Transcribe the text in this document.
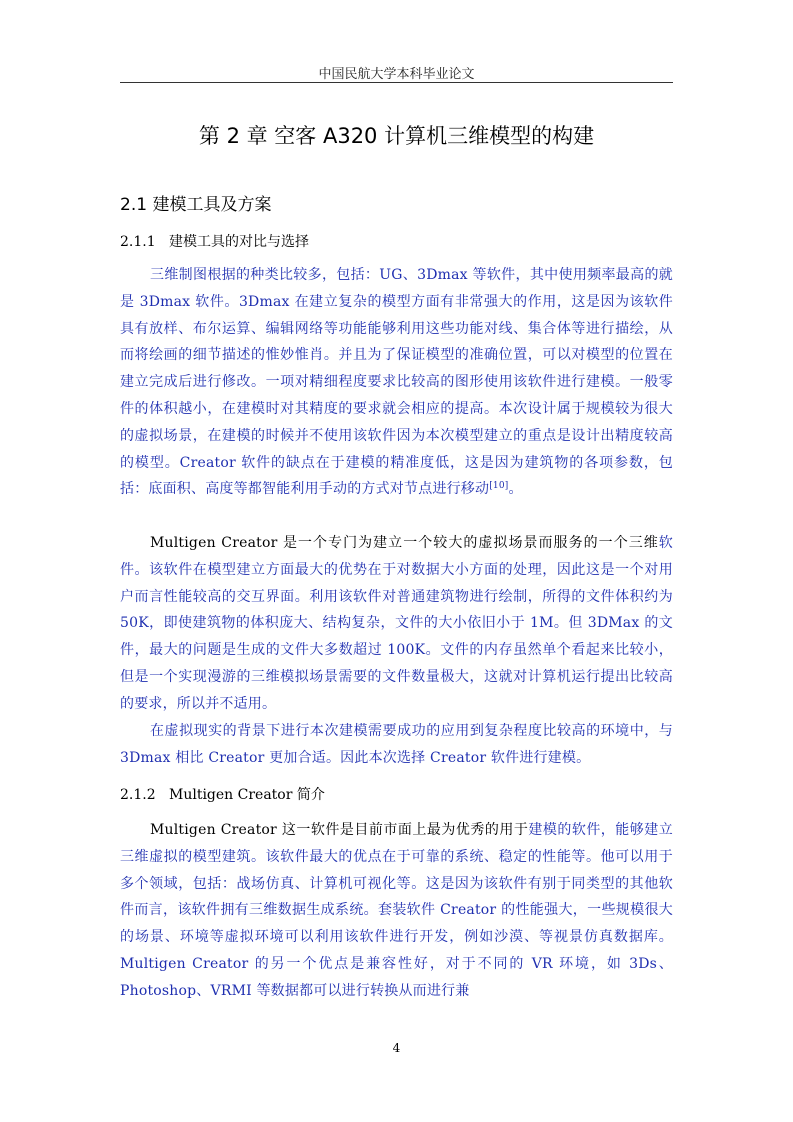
中国民航大学本科毕业论文
第 2 章 空客 A320 计算机三维模型的构建
2.1 建模工具及方案
2.1.1 建模工具的对比与选择
三维制图根据的种类比较多，包括：UG、3Dmax 等软件，其中使用频率最高的就是 3Dmax 软件。3Dmax 在建立复杂的模型方面有非常强大的作用，这是因为该软件具有放样、布尔运算、编辑网络等功能能够利用这些功能对线、集合体等进行描绘，从而将绘画的细节描述的惟妙惟肖。并且为了保证模型的准确位置，可以对模型的位置在建立完成后进行修改。一项对精细程度要求比较高的图形使用该软件进行建模。一般零件的体积越小，在建模时对其精度的要求就会相应的提高。本次设计属于规模较为很大的虚拟场景，在建模的时候并不使用该软件因为本次模型建立的重点是设计出精度较高的模型。Creator 软件的缺点在于建模的精准度低，这是因为建筑物的各项参数，包括：底面积、高度等都智能利用手动的方式对节点进行移动[10]。
Multigen Creator 是一个专门为建立一个较大的虚拟场景而服务的一个三维软件。该软件在模型建立方面最大的优势在于对数据大小方面的处理，因此这是一个对用户而言性能较高的交互界面。利用该软件对普通建筑物进行绘制，所得的文件体积约为 50K，即使建筑物的体积庞大、结构复杂，文件的大小依旧小于 1M。但 3DMax 的文件，最大的问题是生成的文件大多数超过 100K。文件的内存虽然单个看起来比较小，但是一个实现漫游的三维模拟场景需要的文件数量极大，这就对计算机运行提出比较高的要求，所以并不适用。
在虚拟现实的背景下进行本次建模需要成功的应用到复杂程度比较高的环境中，与 3Dmax 相比 Creator 更加合适。因此本次选择 Creator 软件进行建模。
2.1.2 Multigen Creator 简介
Multigen Creator 这一软件是目前市面上最为优秀的用于建模的软件，能够建立三维虚拟的模型建筑。该软件最大的优点在于可靠的系统、稳定的性能等。他可以用于多个领域，包括：战场仿真、计算机可视化等。这是因为该软件有别于同类型的其他软件而言，该软件拥有三维数据生成系统。套装软件 Creator 的性能强大，一些规模很大的场景、环境等虚拟环境可以利用该软件进行开发，例如沙漠、等视景仿真数据库。Multigen Creator 的另一个优点是兼容性好，对于不同的 VR 环境，如 3Ds、Photoshop、VRMI 等数据都可以进行转换从而进行兼
4
